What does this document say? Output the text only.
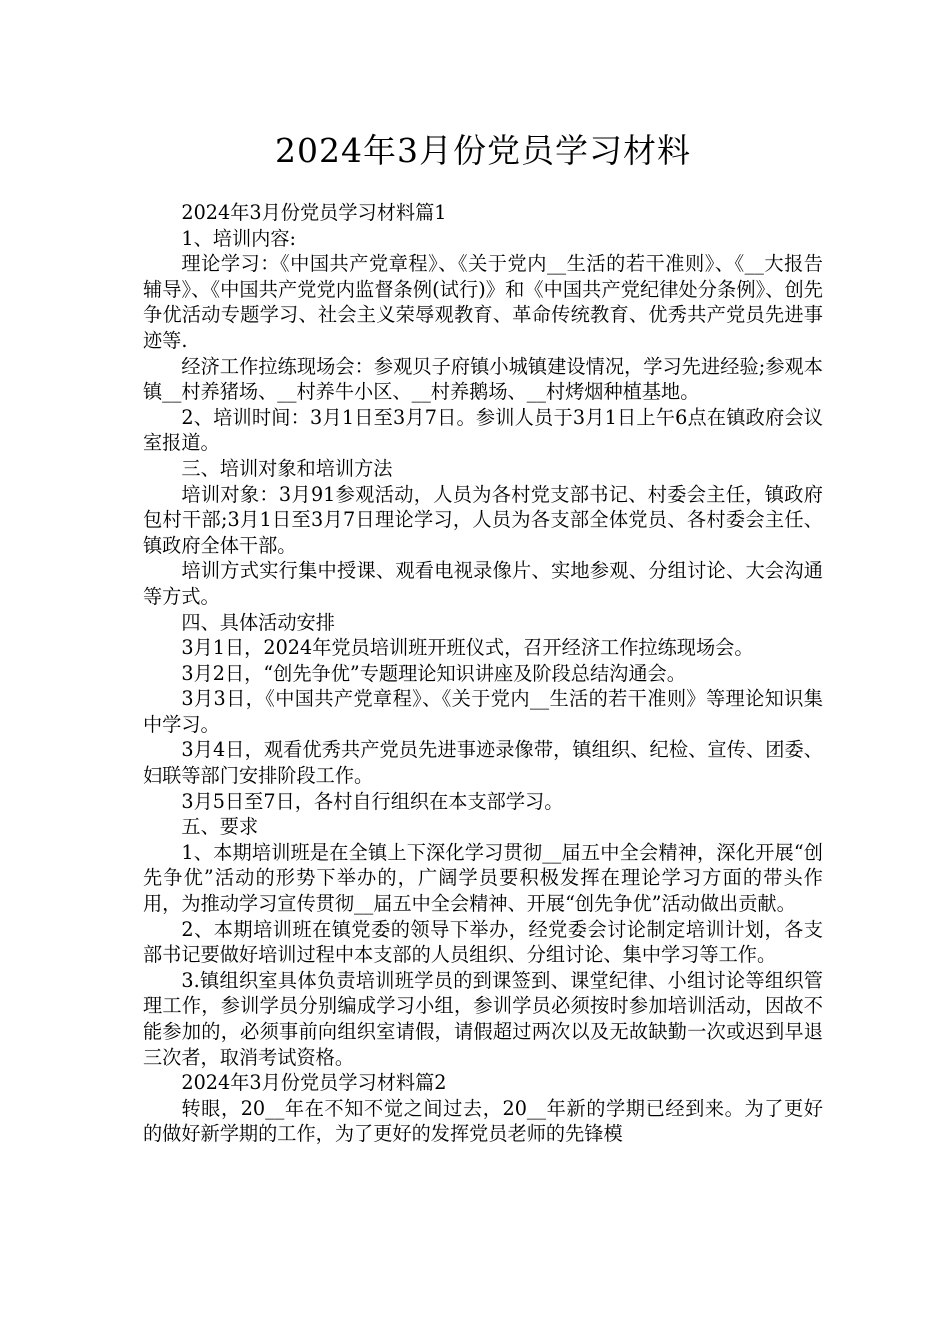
2024年3月份党员学习材料

2024年3月份党员学习材料篇1

1、培训内容:

理论学习：《中国共产党章程》、《关于党内__生活的若干准则》、《__大报告辅导》、《中国共产党党内监督条例(试行)》和《中国共产党纪律处分条例》、创先争优活动专题学习、社会主义荣辱观教育、革命传统教育、优秀共产党员先进事迹等.

经济工作拉练现场会：参观贝子府镇小城镇建设情况，学习先进经验;参观本镇__村养猪场、__村养牛小区、__村养鹅场、__村烤烟种植基地。

2、培训时间：3月1日至3月7日。参训人员于3月1日上午6点在镇政府会议室报道。

三、培训对象和培训方法

培训对象：3月91参观活动，人员为各村党支部书记、村委会主任，镇政府包村干部;3月1日至3月7日理论学习，人员为各支部全体党员、各村委会主任、镇政府全体干部。

培训方式实行集中授课、观看电视录像片、实地参观、分组讨论、大会沟通等方式。

四、具体活动安排

3月1日，2024年党员培训班开班仪式，召开经济工作拉练现场会。

3月2日，“创先争优”专题理论知识讲座及阶段总结沟通会。

3月3日，《中国共产党章程》、《关于党内__生活的若干准则》等理论知识集中学习。

3月4日，观看优秀共产党员先进事迹录像带，镇组织、纪检、宣传、团委、妇联等部门安排阶段工作。

3月5日至7日，各村自行组织在本支部学习。

五、要求

1、本期培训班是在全镇上下深化学习贯彻__届五中全会精神，深化开展“创先争优”活动的形势下举办的，广阔学员要积极发挥在理论学习方面的带头作用，为推动学习宣传贯彻__届五中全会精神、开展“创先争优”活动做出贡献。

2、本期培训班在镇党委的领导下举办，经党委会讨论制定培训计划，各支部书记要做好培训过程中本支部的人员组织、分组讨论、集中学习等工作。

3.镇组织室具体负责培训班学员的到课签到、课堂纪律、小组讨论等组织管理工作，参训学员分别编成学习小组，参训学员必须按时参加培训活动，因故不能参加的，必须事前向组织室请假，请假超过两次以及无故缺勤一次或迟到早退三次者，取消考试资格。

2024年3月份党员学习材料篇2

转眼，20__年在不知不觉之间过去，20__年新的学期已经到来。为了更好的做好新学期的工作，为了更好的发挥党员老师的先锋模
